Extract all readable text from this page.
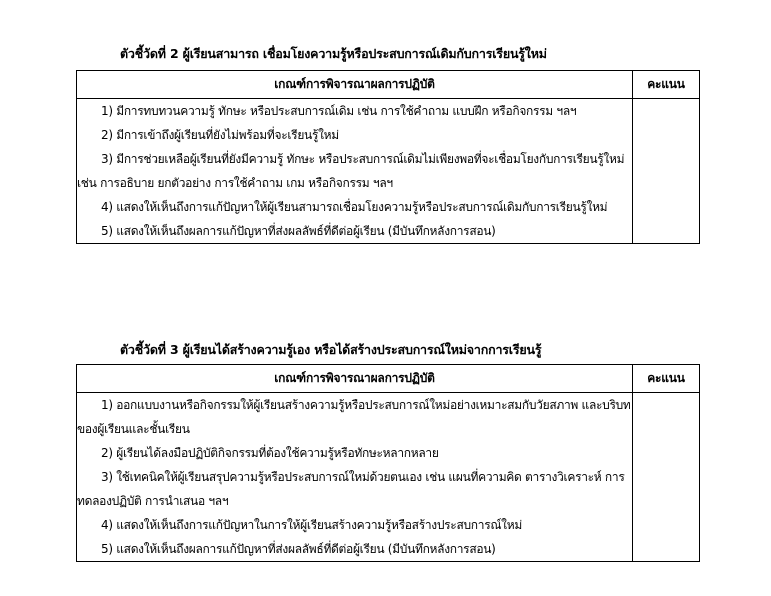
ตัวชี้วัดที่ 2 ผู้เรียนสามารถ เชื่อมโยงความรู้หรือประสบการณ์เดิมกับการเรียนรู้ใหม่
เกณฑ์การพิจารณาผลการปฏิบัติ	คะแนน

1) มีการทบทวนความรู้ ทักษะ หรือประสบการณ์เดิม เช่น การใช้คำถาม แบบฝึก หรือกิจกรรม ฯลฯ
2) มีการเข้าถึงผู้เรียนที่ยังไม่พร้อมที่จะเรียนรู้ใหม่
3) มีการช่วยเหลือผู้เรียนที่ยังมีความรู้ ทักษะ หรือประสบการณ์เดิมไม่เพียงพอที่จะเชื่อมโยงกับการเรียนรู้ใหม่ เช่น การอธิบาย ยกตัวอย่าง การใช้คำถาม เกม หรือกิจกรรม ฯลฯ
4) แสดงให้เห็นถึงการแก้ปัญหาให้ผู้เรียนสามารถเชื่อมโยงความรู้หรือประสบการณ์เดิมกับการเรียนรู้ใหม่
5) แสดงให้เห็นถึงผลการแก้ปัญหาที่ส่งผลลัพธ์ที่ดีต่อผู้เรียน (มีบันทึกหลังการสอน)	

ตัวชี้วัดที่ 3 ผู้เรียนได้สร้างความรู้เอง หรือได้สร้างประสบการณ์ใหม่จากการเรียนรู้
เกณฑ์การพิจารณาผลการปฏิบัติ	คะแนน

1) ออกแบบงานหรือกิจกรรมให้ผู้เรียนสร้างความรู้หรือประสบการณ์ใหม่อย่างเหมาะสมกับวัยสภาพ และบริบทของผู้เรียนและชั้นเรียน
2) ผู้เรียนได้ลงมือปฏิบัติกิจกรรมที่ต้องใช้ความรู้หรือทักษะหลากหลาย
3) ใช้เทคนิคให้ผู้เรียนสรุปความรู้หรือประสบการณ์ใหม่ด้วยตนเอง เช่น แผนที่ความคิด ตารางวิเคราะห์ การทดลองปฏิบัติ การนำเสนอ ฯลฯ
4) แสดงให้เห็นถึงการแก้ปัญหาในการให้ผู้เรียนสร้างความรู้หรือสร้างประสบการณ์ใหม่
5) แสดงให้เห็นถึงผลการแก้ปัญหาที่ส่งผลลัพธ์ที่ดีต่อผู้เรียน (มีบันทึกหลังการสอน)	
